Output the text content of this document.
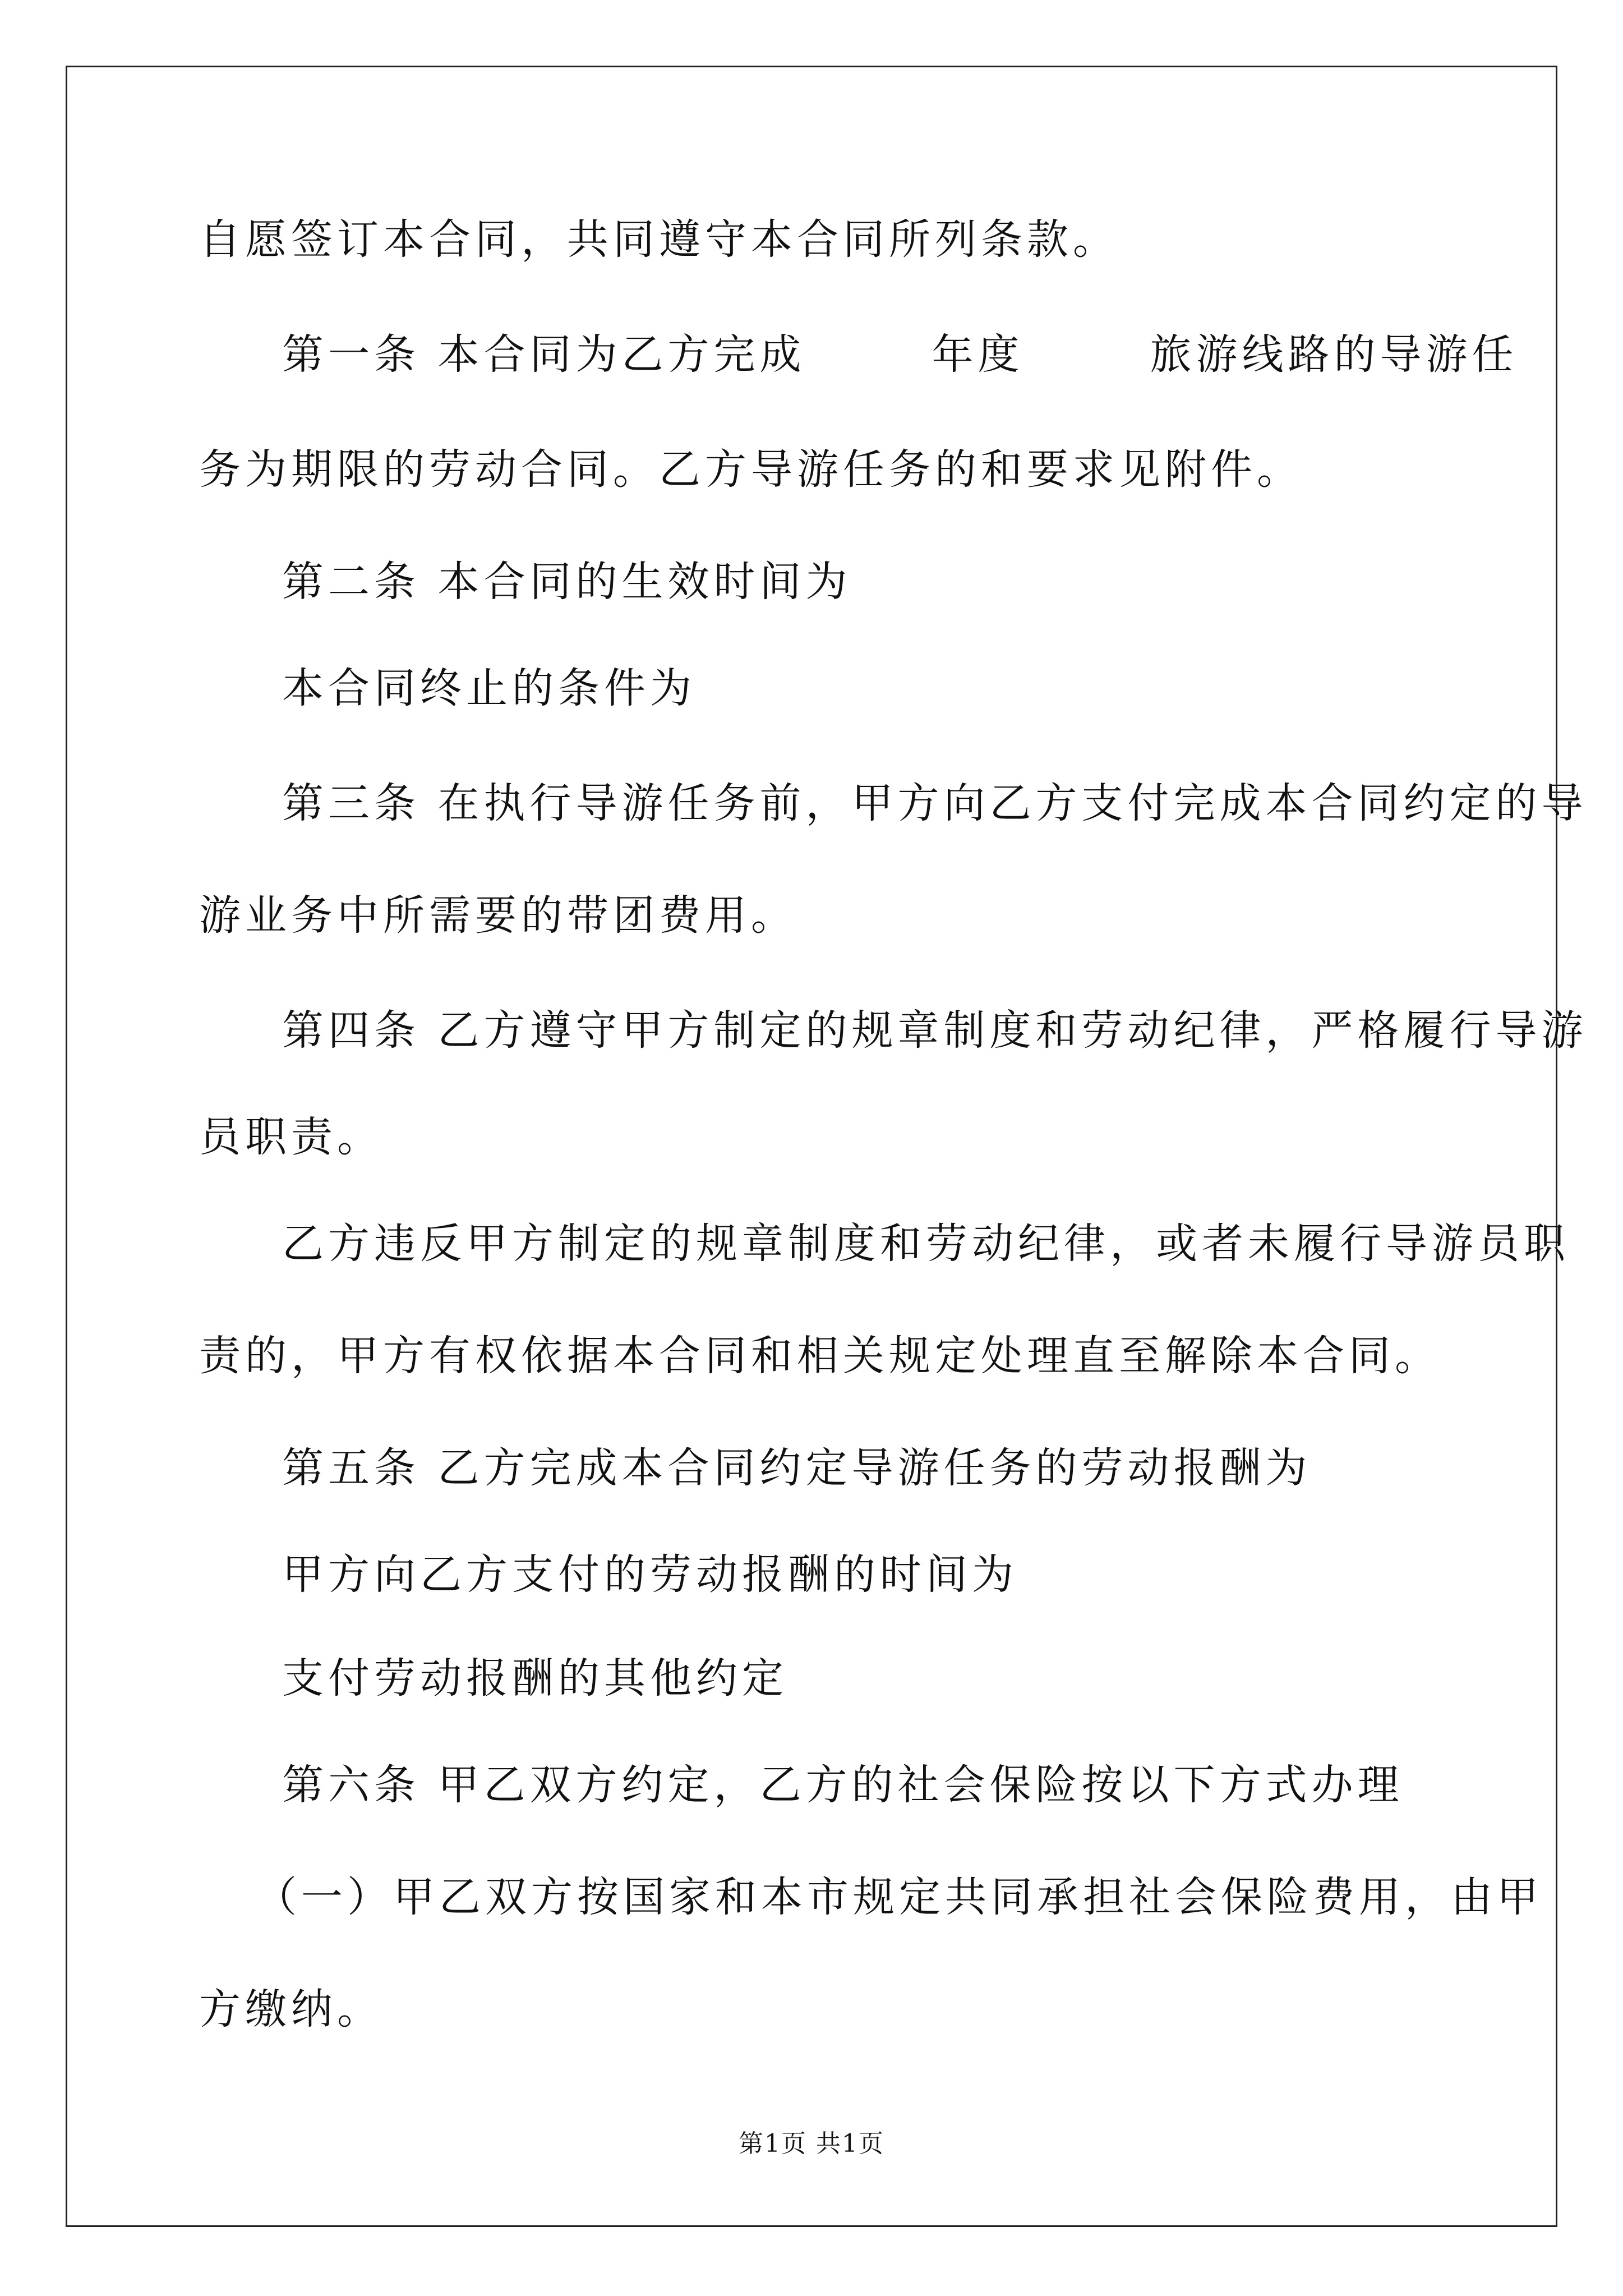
自愿签订本合同，共同遵守本合同所列条款。
第一条 本合同为乙方完成	年度	旅游线路的导游任
务为期限的劳动合同。乙方导游任务的和要求见附件。
第二条 本合同的生效时间为
本合同终止的条件为
第三条 在执行导游任务前，甲方向乙方支付完成本合同约定的导
游业务中所需要的带团费用。
第四条 乙方遵守甲方制定的规章制度和劳动纪律，严格履行导游
员职责。
乙方违反甲方制定的规章制度和劳动纪律，或者未履行导游员职
责的，甲方有权依据本合同和相关规定处理直至解除本合同。
第五条 乙方完成本合同约定导游任务的劳动报酬为
甲方向乙方支付的劳动报酬的时间为
支付劳动报酬的其他约定
第六条 甲乙双方约定，乙方的社会保险按以下方式办理
（一）甲乙双方按国家和本市规定共同承担社会保险费用，由甲
方缴纳。
第1页 共1页
